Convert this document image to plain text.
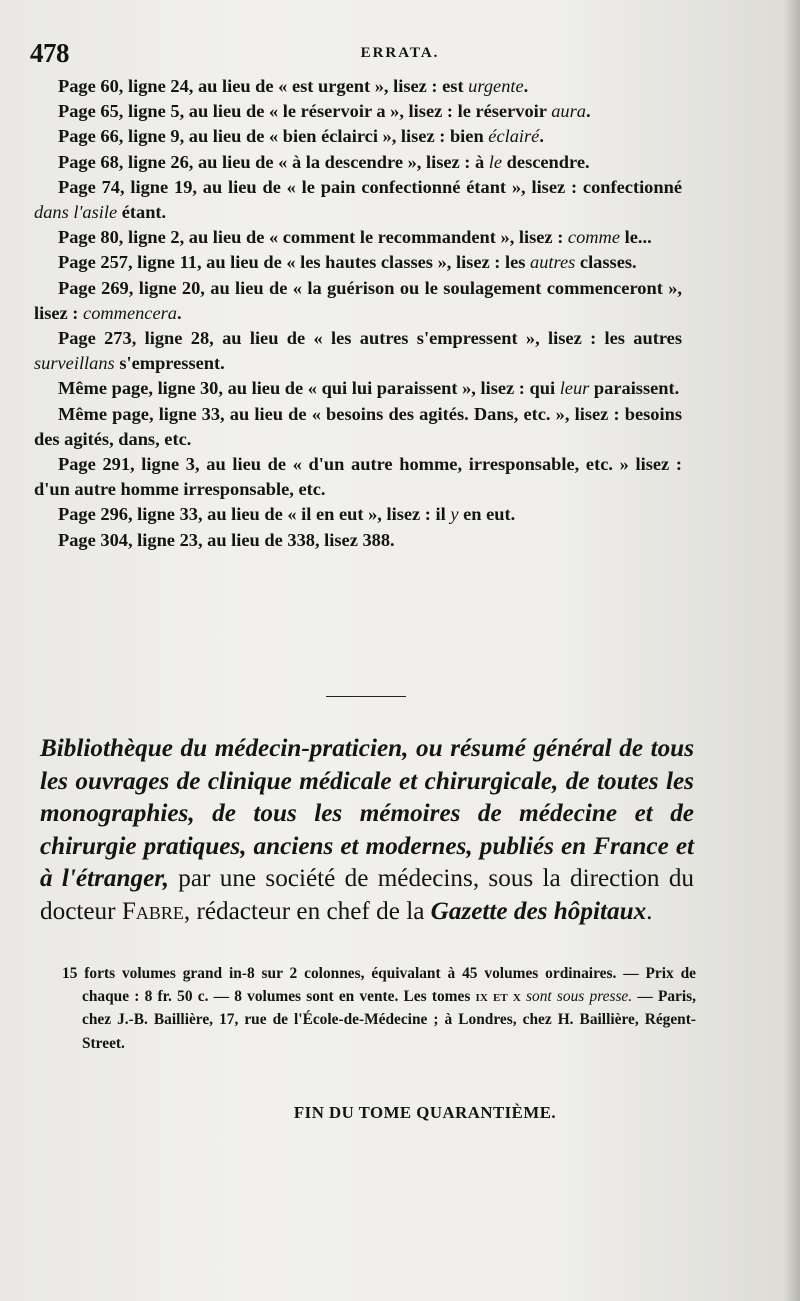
478	ERRATA.

Page 60, ligne 24, au lieu de « est urgent », lisez : est urgente.

Page 65, ligne 5, au lieu de « le réservoir a », lisez : le réservoir aura.

Page 66, ligne 9, au lieu de « bien éclairci », lisez : bien éclairé.

Page 68, ligne 26, au lieu de « à la descendre », lisez : à le descendre.

Page 74, ligne 19, au lieu de « le pain confectionné étant », lisez : confectionné dans l'asile étant.

Page 80, ligne 2, au lieu de « comment le recommandent », lisez : comme le...

Page 257, ligne 11, au lieu de « les hautes classes », lisez : les autres classes.

Page 269, ligne 20, au lieu de « la guérison ou le soulagement commenceront », lisez : commencera.

Page 273, ligne 28, au lieu de « les autres s'empressent », lisez : les autres surveillans s'empressent.

Même page, ligne 30, au lieu de « qui lui paraissent », lisez : qui leur paraissent.

Même page, ligne 33, au lieu de « besoins des agités. Dans, etc. », lisez : besoins des agités, dans, etc.

Page 291, ligne 3, au lieu de « d'un autre homme, irresponsable, etc. » lisez : d'un autre homme irresponsable, etc.

Page 296, ligne 33, au lieu de « il en eut », lisez : il y en eut.

Page 304, ligne 23, au lieu de 338, lisez 388.

Bibliothèque du médecin-praticien, ou résumé général de tous les ouvrages de clinique médicale et chirurgicale, de toutes les monographies, de tous les mémoires de médecine et de chirurgie pratiques, anciens et modernes, publiés en France et à l'étranger, par une société de médecins, sous la direction du docteur Fabre, rédacteur en chef de la Gazette des hôpitaux.

15 forts volumes grand in-8 sur 2 colonnes, équivalant à 45 volumes ordinaires. — Prix de chaque : 8 fr. 50 c. — 8 volumes sont en vente. Les tomes ix et x sont sous presse. — Paris, chez J.-B. Baillière, 17, rue de l'École-de-Médecine ; à Londres, chez H. Baillière, Régent-Street.

FIN DU TOME QUARANTIÈME.
